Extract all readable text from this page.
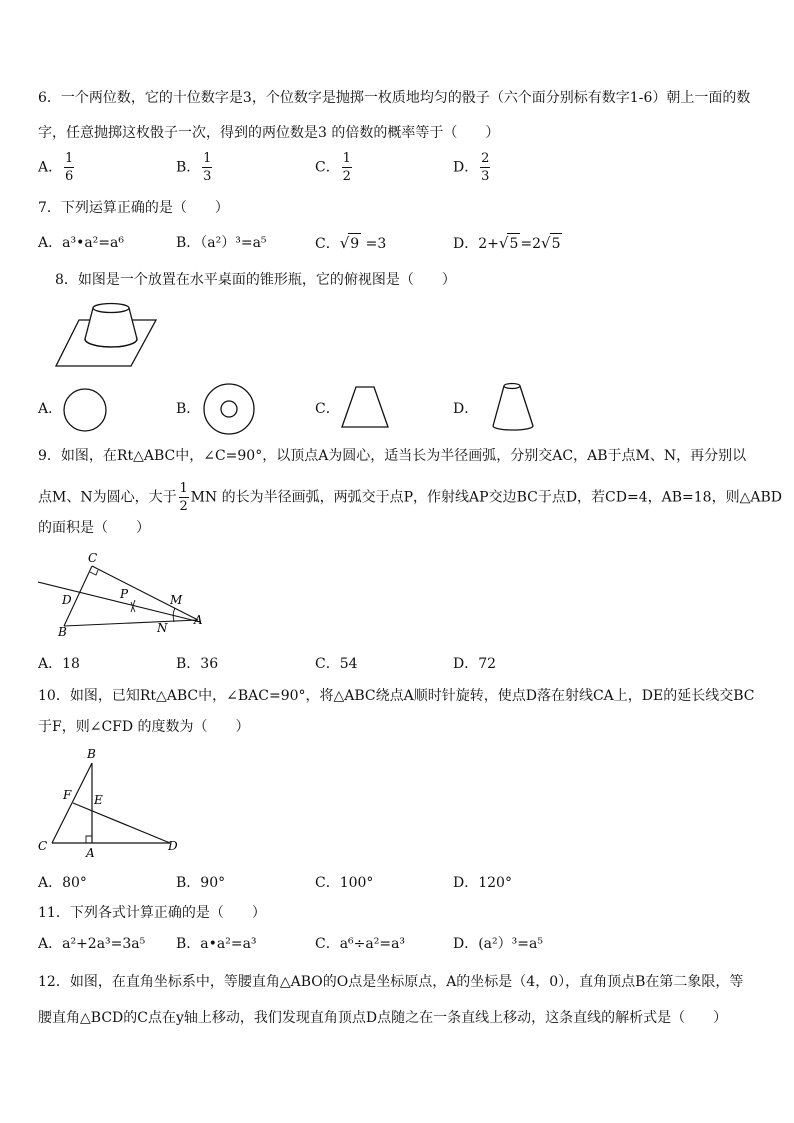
6．一个两位数，它的十位数字是3，个位数字是抛掷一枚质地均匀的骰子（六个面分别标有数字1-6）朝上一面的数
字，任意抛掷这枚骰子一次，得到的两位数是3 的倍数的概率等于（　　）
A． $\frac{1}{6}$	B． $\frac{1}{3}$	C． $\frac{1}{2}$	D． $\frac{2}{3}$
7．下列运算正确的是（　　）
A．a³•a²=a⁶	B．（a²）³=a⁵	C．√9 =3	D．2+√5 =2√5
8．如图是一个放置在水平桌面的锥形瓶，它的俯视图是（　　）
A．	B．	C．	D．
9．如图，在Rt△ABC中，∠C=90°，以顶点A为圆心，适当长为半径画弧，分别交AC，AB于点M、N，再分别以
点M、N为圆心，大于 $\frac{1}{2}$ MN 的长为半径画弧，两弧交于点P，作射线AP交边BC于点D，若CD=4，AB=18，则△ABD
的面积是（　　）
C
D	P	M
B	N
A
A．18	B．36	C．54	D．72
10．如图，已知Rt△ABC中，∠BAC=90°，将△ABC绕点A顺时针旋转，使点D落在射线CA上，DE的延长线交BC
于F，则∠CFD 的度数为（　　）
B
F E
C	A	D
A．80°	B．90°	C．100°	D．120°
11．下列各式计算正确的是（　　）
A．a²+2a³=3a⁵ B．a•a²=a³	C．a⁶÷a²=a³	D．(a²）³=a⁵
12．如图，在直角坐标系中，等腰直角△ABO的O点是坐标原点，A的坐标是（4，0），直角顶点B在第二象限，等
腰直角△BCD的C点在y轴上移动，我们发现直角顶点D点随之在一条直线上移动，这条直线的解析式是（　　）
